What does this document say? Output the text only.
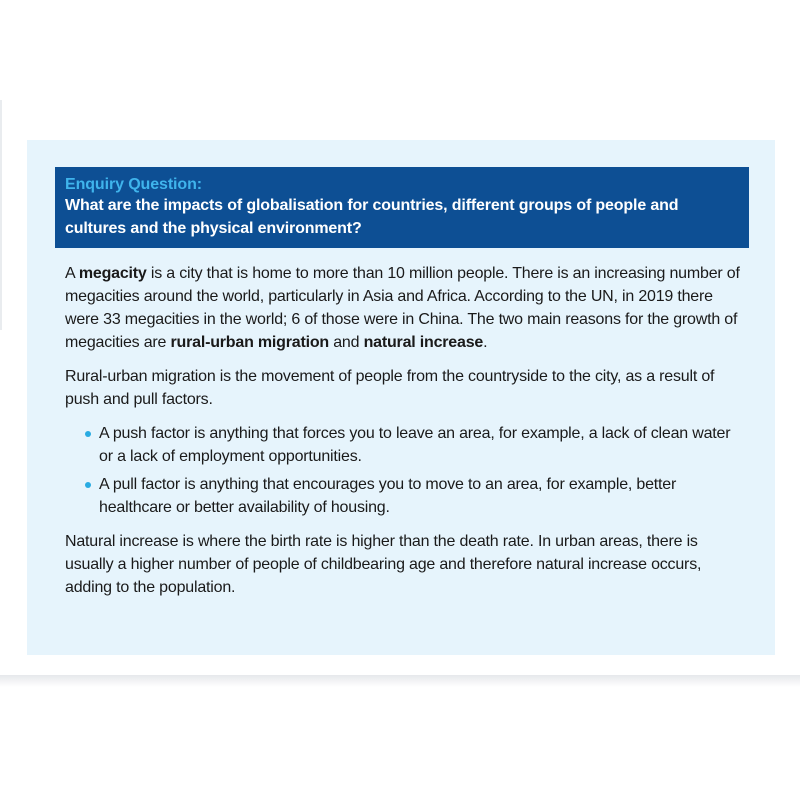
Enquiry Question:
What are the impacts of globalisation for countries, different groups of people and cultures and the physical environment?

A megacity is a city that is home to more than 10 million people. There is an increasing number of megacities around the world, particularly in Asia and Africa. According to the UN, in 2019 there were 33 megacities in the world; 6 of those were in China. The two main reasons for the growth of megacities are rural-urban migration and natural increase.

Rural-urban migration is the movement of people from the countryside to the city, as a result of push and pull factors.

A push factor is anything that forces you to leave an area, for example, a lack of clean water or a lack of employment opportunities.
A pull factor is anything that encourages you to move to an area, for example, better healthcare or better availability of housing.

Natural increase is where the birth rate is higher than the death rate. In urban areas, there is usually a higher number of people of childbearing age and therefore natural increase occurs, adding to the population.
